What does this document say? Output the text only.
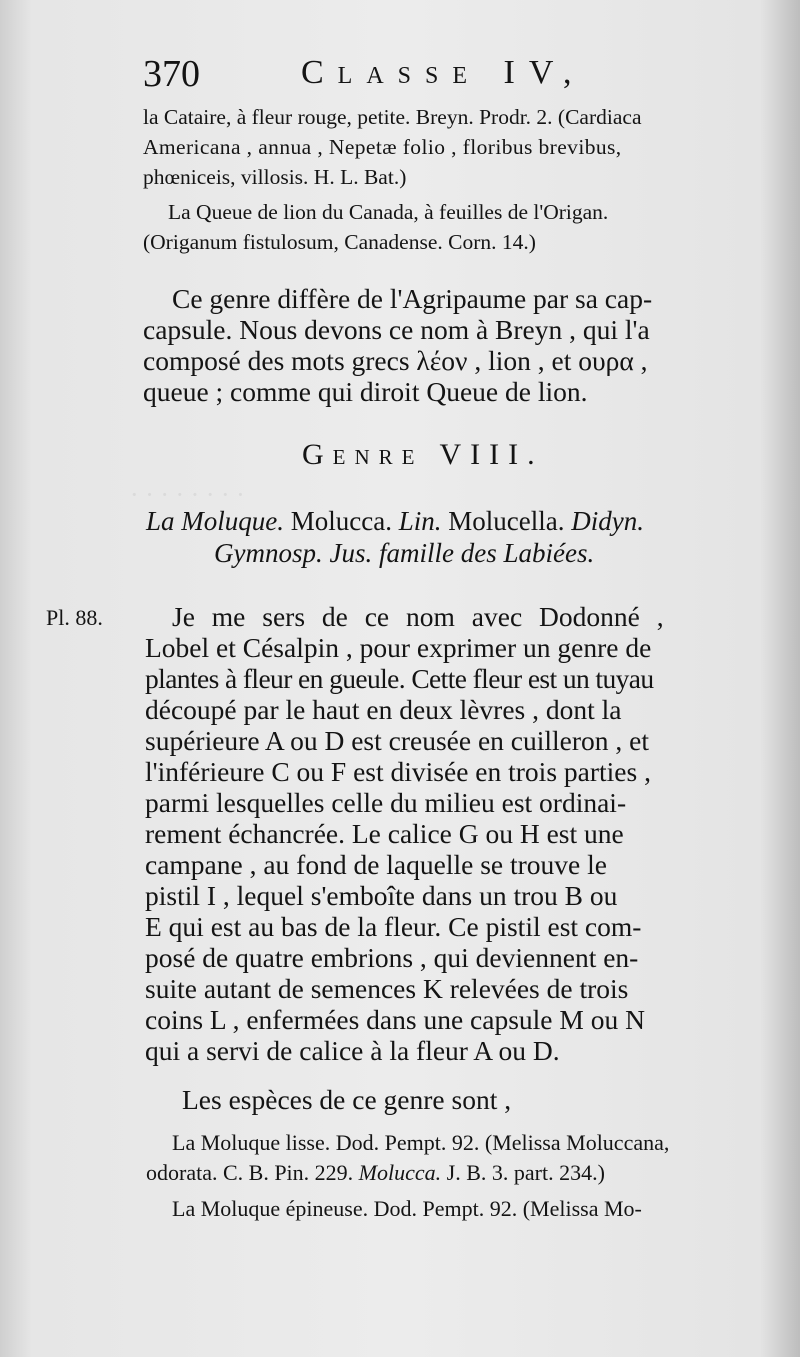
· · · · · · · ·
370	Classe IV,
la Cataire, à fleur rouge, petite. Breyn. Prodr. 2. (Cardiaca
Americana , annua , Nepetæ folio , floribus brevibus,
phœniceis, villosis. H. L. Bat.)
La Queue de lion du Canada, à feuilles de l'Origan.
(Origanum fistulosum, Canadense. Corn. 14.)
Ce genre diffère de l'Agripaume par sa cap-
capsule. Nous devons ce nom à Breyn , qui l'a
composé des mots grecs λέον , lion , et ουρα ,
queue ; comme qui diroit Queue de lion.
Genre VIII.
La Moluque. Molucca. Lin. Molucella. Didyn.
Gymnosp. Jus. famille des Labiées.
Pl. 88.	Je me sers de ce nom avec Dodonné ,
Lobel et Césalpin , pour exprimer un genre de
plantes à fleur en gueule. Cette fleur est un tuyau
découpé par le haut en deux lèvres , dont la
supérieure A ou D est creusée en cuilleron , et
l'inférieure C ou F est divisée en trois parties ,
parmi lesquelles celle du milieu est ordinai-
rement échancrée. Le calice G ou H est une
campane , au fond de laquelle se trouve le
pistil I , lequel s'emboîte dans un trou B ou
E qui est au bas de la fleur. Ce pistil est com-
posé de quatre embrions , qui deviennent en-
suite autant de semences K relevées de trois
coins L , enfermées dans une capsule M ou N
qui a servi de calice à la fleur A ou D.
Les espèces de ce genre sont ,
La Moluque lisse. Dod. Pempt. 92. (Melissa Moluccana,
odorata. C. B. Pin. 229. Molucca. J. B. 3. part. 234.)
La Moluque épineuse. Dod. Pempt. 92. (Melissa Mo-
